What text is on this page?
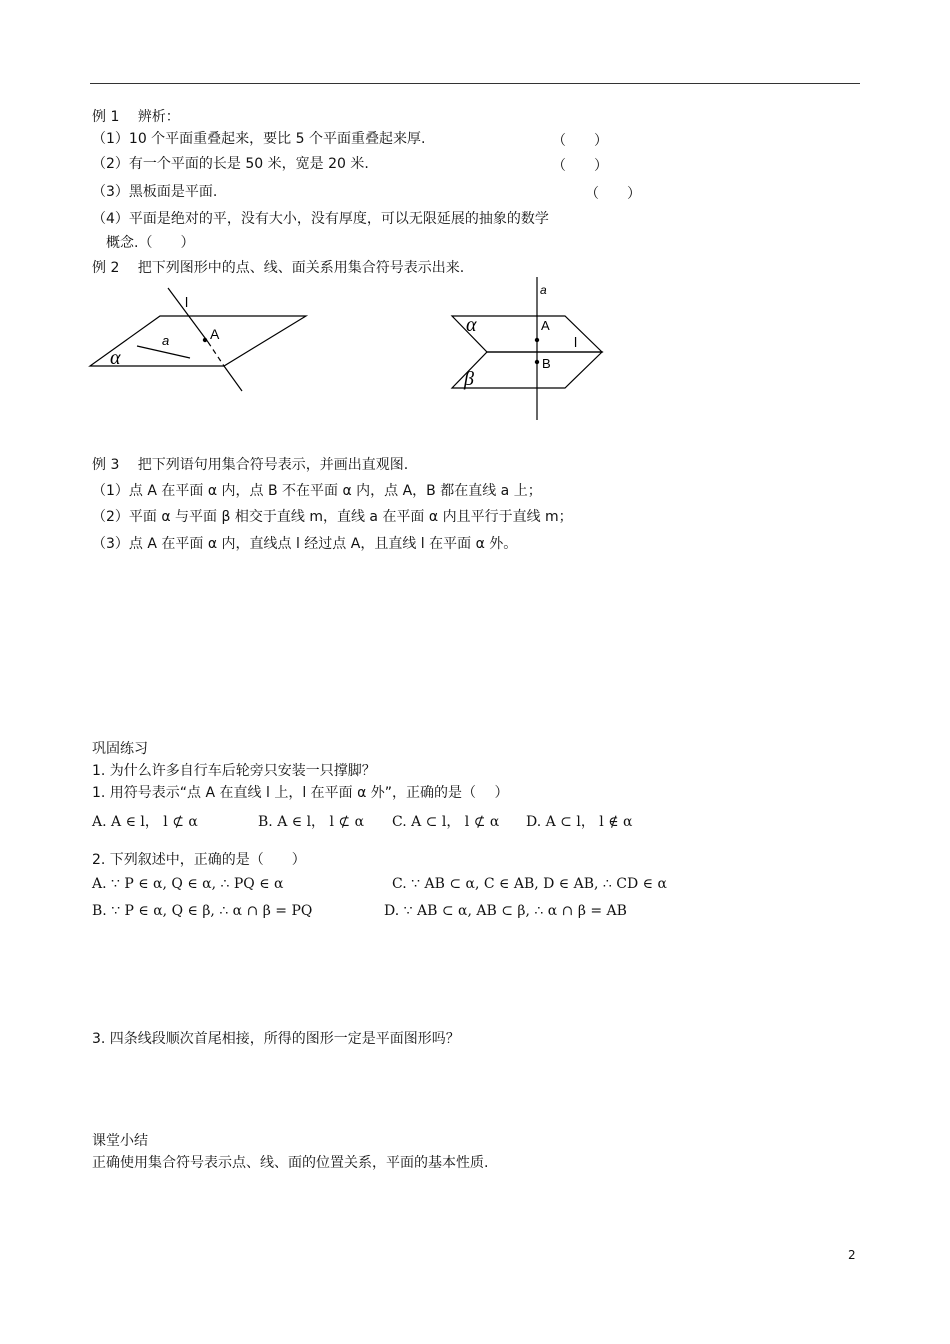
例 1　 辨析：
（1）10 个平面重叠起来，要比 5 个平面重叠起来厚.	（　　）
（2）有一个平面的长是 50 米，宽是 20 米.	（　　）
（3）黑板面是平面.	（　　）
（4）平面是绝对的平，没有大小，没有厚度，可以无限延展的抽象的数学
概念.（　　）
例 2　 把下列图形中的点、线、面关系用集合符号表示出来.
l
a	A
α
a
A
l
B
α
β
例 3　 把下列语句用集合符号表示，并画出直观图.
（1）点 A 在平面 α 内，点 B 不在平面 α 内，点 A，B 都在直线 a 上；
（2）平面 α 与平面 β 相交于直线 m，直线 a 在平面 α 内且平行于直线 m；
（3）点 A 在平面 α 内，直线点 l 经过点 A，且直线 l 在平面 α 外。
巩固练习
1. 为什么许多自行车后轮旁只安装一只撑脚？
1. 用符号表示“点 A 在直线 l 上，l 在平面 α 外”，正确的是（　 ）
A. A ∈ l， l ⊄ α	B. A ∈ l， l ⊄ α C. A ⊂ l， l ⊄ α D. A ⊂ l， l ∉ α
2. 下列叙述中，正确的是（　　）
A. ∵ P ∈ α, Q ∈ α, ∴ PQ ∈ α	C. ∵ AB ⊂ α, C ∈ AB, D ∈ AB, ∴ CD ∈ α
B. ∵ P ∈ α, Q ∈ β, ∴ α ∩ β = PQ	D. ∵ AB ⊂ α, AB ⊂ β, ∴ α ∩ β = AB
3. 四条线段顺次首尾相接，所得的图形一定是平面图形吗？
课堂小结
正确使用集合符号表示点、线、面的位置关系，平面的基本性质.
2
